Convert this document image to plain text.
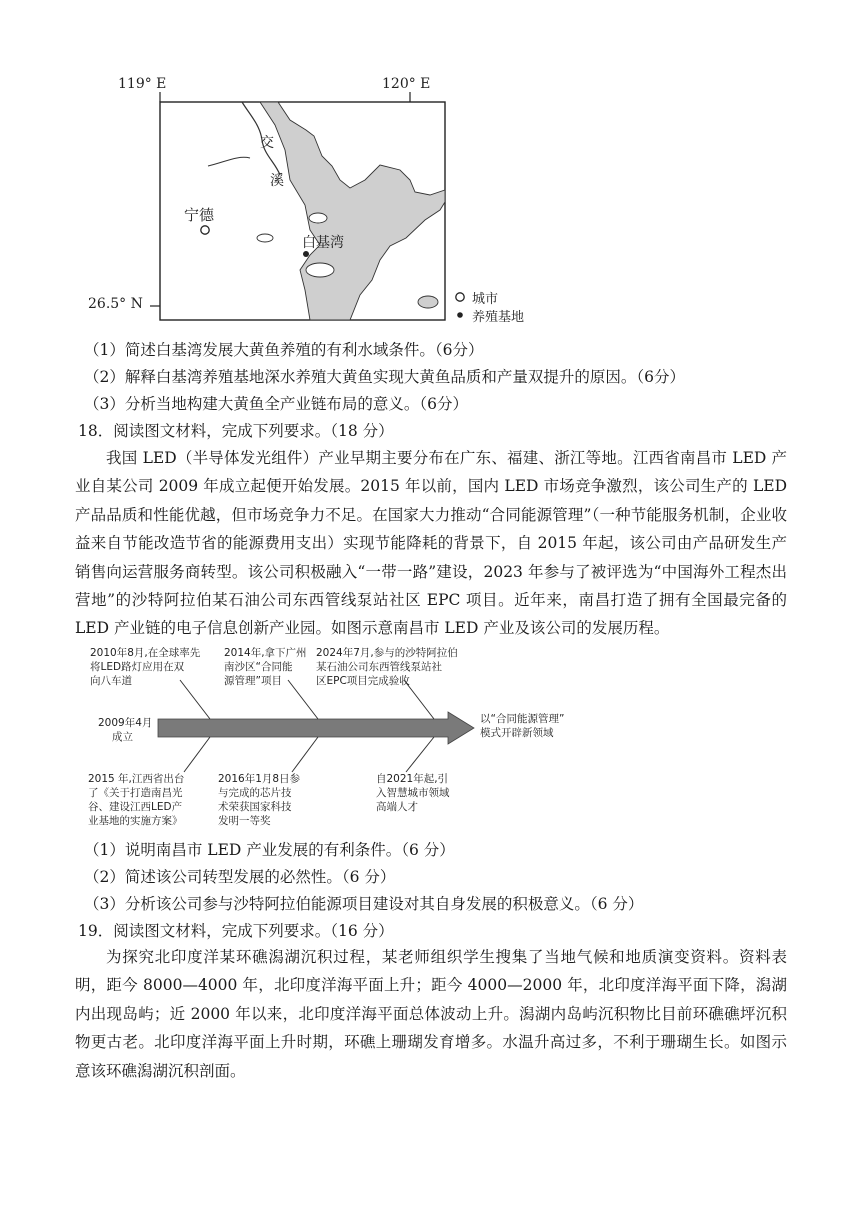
119° E	120° E
26.5° N
交
溪
宁德
白基湾
城市
养殖基地
（1）简述白基湾发展大黄鱼养殖的有利水域条件。（6分）
（2）解释白基湾养殖基地深水养殖大黄鱼实现大黄鱼品质和产量双提升的原因。（6分）
（3）分析当地构建大黄鱼全产业链布局的意义。（6分）
18．阅读图文材料，完成下列要求。（18 分）
我国 LED（半导体发光组件）产业早期主要分布在广东、福建、浙江等地。江西省南昌市 LED 产业自某公司 2009 年成立起便开始发展。2015 年以前，国内 LED 市场竞争激烈，该公司生产的 LED 产品品质和性能优越，但市场竞争力不足。在国家大力推动“合同能源管理”（一种节能服务机制，企业收益来自节能改造节省的能源费用支出）实现节能降耗的背景下，自 2015 年起，该公司由产品研发生产销售向运营服务商转型。该公司积极融入“一带一路”建设，2023 年参与了被评选为“中国海外工程杰出营地”的沙特阿拉伯某石油公司东西管线泵站社区 EPC 项目。近年来，南昌打造了拥有全国最完备的 LED 产业链的电子信息创新产业园。如图示意南昌市 LED 产业及该公司的发展历程。
2009年4月
成立
以“合同能源管理”
模式开辟新领域
2010年8月,在全球率先
将LED路灯应用在双
向八车道
2014年,拿下广州
南沙区“合同能
源管理”项目
2024年7月,参与的沙特阿拉伯
某石油公司东西管线泵站社
区EPC项目完成验收
2015 年,江西省出台
了《关于打造南昌光
谷、建设江西LED产
业基地的实施方案》
2016年1月8日参
与完成的芯片技
术荣获国家科技
发明一等奖
自2021年起,引
入智慧城市领域
高端人才
（1）说明南昌市 LED 产业发展的有利条件。（6 分）
（2）简述该公司转型发展的必然性。（6 分）
（3）分析该公司参与沙特阿拉伯能源项目建设对其自身发展的积极意义。（6 分）
19．阅读图文材料，完成下列要求。（16 分）
为探究北印度洋某环礁潟湖沉积过程，某老师组织学生搜集了当地气候和地质演变资料。资料表明，距今 8000—4000 年，北印度洋海平面上升；距今 4000—2000 年，北印度洋海平面下降，潟湖内出现岛屿；近 2000 年以来，北印度洋海平面总体波动上升。潟湖内岛屿沉积物比目前环礁礁坪沉积物更古老。北印度洋海平面上升时期，环礁上珊瑚发育增多。水温升高过多，不利于珊瑚生长。如图示意该环礁潟湖沉积剖面。
